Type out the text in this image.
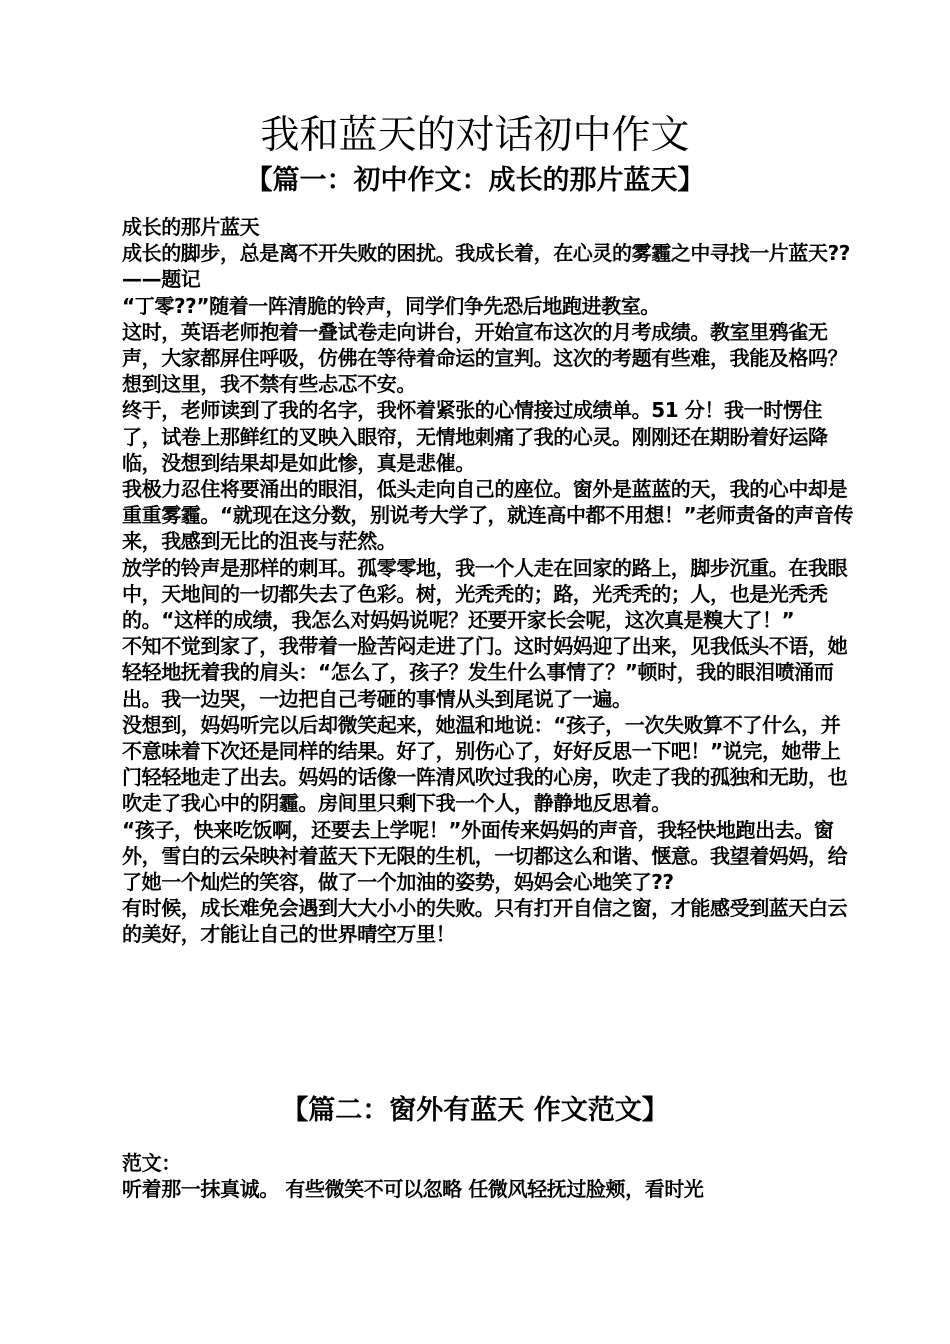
我和蓝天的对话初中作文
【篇一：初中作文：成长的那片蓝天】

成长的那片蓝天

成长的脚步，总是离不开失败的困扰。我成长着，在心灵的雾霾之中寻找一片蓝天?? ——题记

“丁零??”随着一阵清脆的铃声，同学们争先恐后地跑进教室。

这时，英语老师抱着一叠试卷走向讲台，开始宣布这次的月考成绩。教室里鸦雀无声，大家都屏住呼吸，仿佛在等待着命运的宣判。这次的考题有些难，我能及格吗？想到这里，我不禁有些忐忑不安。

终于，老师读到了我的名字，我怀着紧张的心情接过成绩单。51 分！我一时愣住了，试卷上那鲜红的叉映入眼帘，无情地刺痛了我的心灵。刚刚还在期盼着好运降临，没想到结果却是如此惨，真是悲催。

我极力忍住将要涌出的眼泪，低头走向自己的座位。窗外是蓝蓝的天，我的心中却是重重雾霾。“就现在这分数，别说考大学了，就连高中都不用想！”老师责备的声音传来，我感到无比的沮丧与茫然。

放学的铃声是那样的刺耳。孤零零地，我一个人走在回家的路上，脚步沉重。在我眼中，天地间的一切都失去了色彩。树，光秃秃的；路，光秃秃的；人，也是光秃秃的。“这样的成绩，我怎么对妈妈说呢？还要开家长会呢，这次真是糗大了！”

不知不觉到家了，我带着一脸苦闷走进了门。这时妈妈迎了出来，见我低头不语，她轻轻地抚着我的肩头：“怎么了，孩子？发生什么事情了？”顿时，我的眼泪喷涌而出。我一边哭，一边把自己考砸的事情从头到尾说了一遍。

没想到，妈妈听完以后却微笑起来，她温和地说：“孩子，一次失败算不了什么，并不意味着下次还是同样的结果。好了，别伤心了，好好反思一下吧！”说完，她带上门轻轻地走了出去。妈妈的话像一阵清风吹过我的心房，吹走了我的孤独和无助，也吹走了我心中的阴霾。房间里只剩下我一个人，静静地反思着。

“孩子，快来吃饭啊，还要去上学呢！”外面传来妈妈的声音，我轻快地跑出去。窗外，雪白的云朵映衬着蓝天下无限的生机，一切都这么和谐、惬意。我望着妈妈，给了她一个灿烂的笑容，做了一个加油的姿势，妈妈会心地笑了??

有时候，成长难免会遇到大大小小的失败。只有打开自信之窗，才能感受到蓝天白云的美好，才能让自己的世界晴空万里！

【篇二：窗外有蓝天 作文范文】

范文：

听着那一抹真诚。 有些微笑不可以忽略 任微风轻抚过脸颊，看时光
